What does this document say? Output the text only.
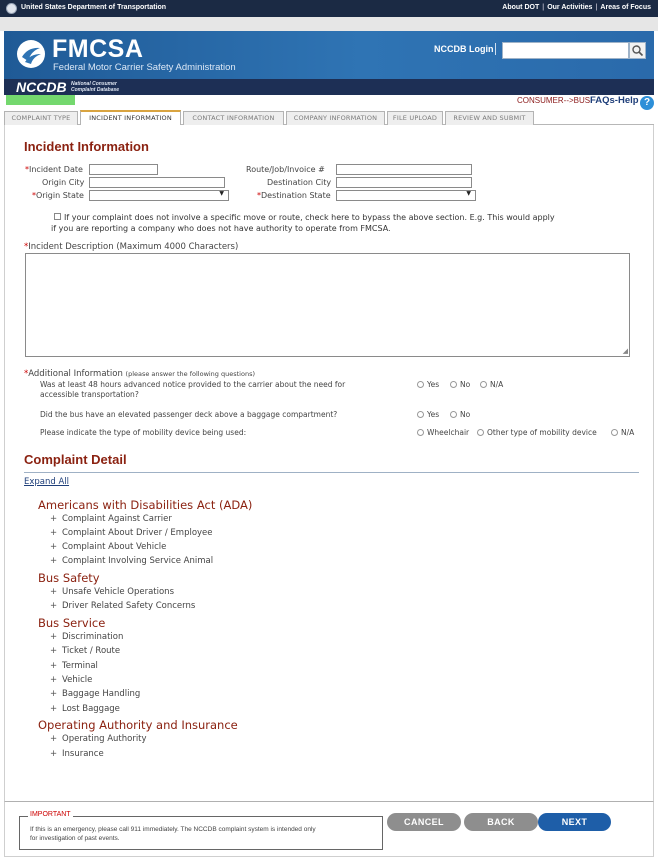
United States Department of Transportation	About DOT | Our Activities | Areas of Focus
FMCSA
Federal Motor Carrier Safety Administration
NCCDB Login
NCCDB National Consumer
Complaint Database
CONSUMER-->BUS FAQs-Help ?
COMPLAINT TYPE	INCIDENT INFORMATION	CONTACT INFORMATION	COMPANY INFORMATION	FILE UPLOAD	REVIEW AND SUBMIT
Incident Information
*Incident Date	Route/Job/Invoice #
Origin City	Destination City
*Origin State	▼	*Destination State	▼
If your complaint does not involve a specific move or route, check here to bypass the above section. E.g. This would apply
if you are reporting a company who does not have authority to operate from FMCSA.
*Incident Description (Maximum 4000 Characters)
◢
*Additional Information (please answer the following questions)
Was at least 48 hours advanced notice provided to the carrier about the need for
accessible transportation?
Yes	No	N/A
Did the bus have an elevated passenger deck above a baggage compartment?	Yes	No
Please indicate the type of mobility device being used:	Wheelchair Other type of mobility device	N/A
Complaint Detail
Expand All
Americans with Disabilities Act (ADA)
+ Complaint Against Carrier
+ Complaint About Driver / Employee
+ Complaint About Vehicle
+ Complaint Involving Service Animal
Bus Safety
+ Unsafe Vehicle Operations
+ Driver Related Safety Concerns
Bus Service
+ Discrimination
+ Ticket / Route
+ Terminal
+ Vehicle
+ Baggage Handling
+ Lost Baggage
Operating Authority and Insurance
+ Operating Authority
+ Insurance
IMPORTANT
If this is an emergency, please call 911 immediately. The NCCDB complaint system is intended only
for investigation of past events.
CANCEL	BACK	NEXT
